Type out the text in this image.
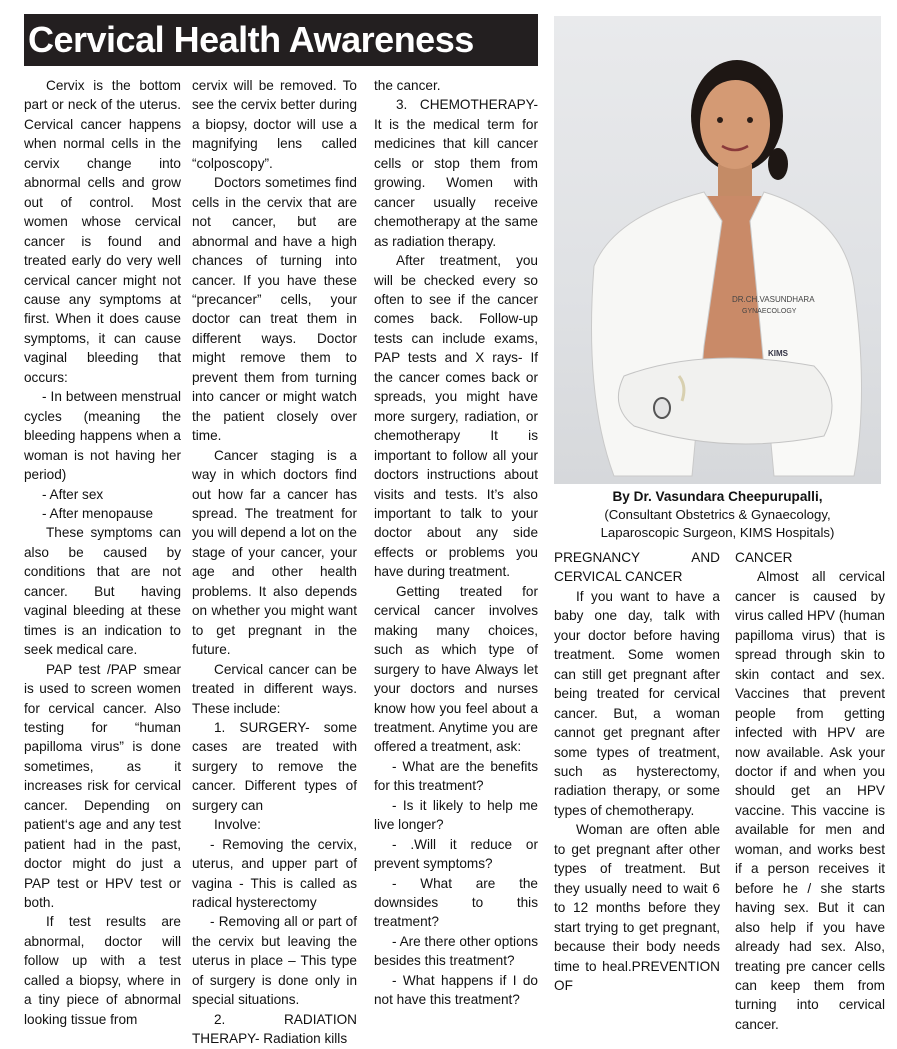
Cervical Health Awareness

Cervix is the bottom part or neck of the uterus. Cervical cancer happens when normal cells in the cervix change into abnormal cells and grow out of control. Most women whose cervical cancer is found and treated early do very well cervical cancer might not cause any symptoms at first. When it does cause symptoms, it can cause vaginal bleeding that occurs:

- In between menstrual cycles (meaning the bleeding happens when a woman is not having her period)

- After sex

- After menopause

These symptoms can also be caused by conditions that are not cancer. But having vaginal bleeding at these times is an indication to seek medical care.

PAP test /PAP smear is used to screen women for cervical cancer. Also testing for “human papilloma virus” is done sometimes, as it increases risk for cervical cancer. Depending on patient‘s age and any test patient had in the past, doctor might do just a PAP test or HPV test or both.

If test results are abnormal, doctor will follow up with a test called a biopsy, where in a tiny piece of abnormal looking tissue from

cervix will be removed. To see the cervix better during a biopsy, doctor will use a magnifying lens called “colposcopy”.

Doctors sometimes find cells in the cervix that are not cancer, but are abnormal and have a high chances of turning into cancer. If you have these “precancer” cells, your doctor can treat them in different ways. Doctor might remove them to prevent them from turning into cancer or might watch the patient closely over time.

Cancer staging is a way in which doctors find out how far a cancer has spread. The treatment for you will depend a lot on the stage of your cancer, your age and other health problems. It also depends on whether you might want to get pregnant in the future.

Cervical cancer can be treated in different ways. These include:

1. SURGERY- some cases are treated with surgery to remove the cancer. Different types of surgery can

Involve:

- Removing the cervix, uterus, and upper part of vagina - This is called as radical hysterectomy

- Removing all or part of the cervix but leaving the uterus in place – This type of surgery is done only in special situations.

2. RADIATION THERAPY- Radiation kills

the cancer.

3. CHEMOTHERAPY- It is the medical term for medicines that kill cancer cells or stop them from growing. Women with cancer usually receive chemotherapy at the same as radiation therapy.

After treatment, you will be checked every so often to see if the cancer comes back. Follow-up tests can include exams, PAP tests and X rays- If the cancer comes back or spreads, you might have more surgery, radiation, or chemotherapy It is important to follow all your doctors instructions about visits and tests. It’s also important to talk to your doctor about any side effects or problems you have during treatment.

Getting treated for cervical cancer involves making many choices, such as which type of surgery to have Always let your doctors and nurses know how you feel about a treatment. Anytime you are offered a treatment, ask:

- What are the benefits for this treatment?

- Is it likely to help me live longer?

- .Will it reduce or prevent symptoms?

- What are the downsides to this treatment?

- Are there other options besides this treatment?

- What happens if I do not have this treatment?

DR.CH.VASUNDHARA
GYNAECOLOGY
KIMS
By Dr. Vasundara Cheepurupalli,
(Consultant Obstetrics & Gynaecology,
Laparoscopic Surgeon, KIMS Hospitals)

PREGNANCY AND CERVICAL CANCER

If you want to have a baby one day, talk with your doctor before having treatment. Some women can still get pregnant after being treated for cervical cancer. But, a woman cannot get pregnant after some types of treatment, such as hysterectomy, radiation therapy, or some types of chemotherapy.

Woman are often able to get pregnant after other types of treatment. But they usually need to wait 6 to 12 months before they start trying to get pregnant, because their body needs time to heal.PREVENTION OF

CANCER

Almost all cervical cancer is caused by virus called HPV (human papilloma virus) that is spread through skin to skin contact and sex. Vaccines that prevent people from getting infected with HPV are now available. Ask your doctor if and when you should get an HPV vaccine. This vaccine is available for men and woman, and works best if a person receives it before he / she starts having sex. But it can also help if you have already had sex. Also, treating pre cancer cells can keep them from turning into cervical cancer.
